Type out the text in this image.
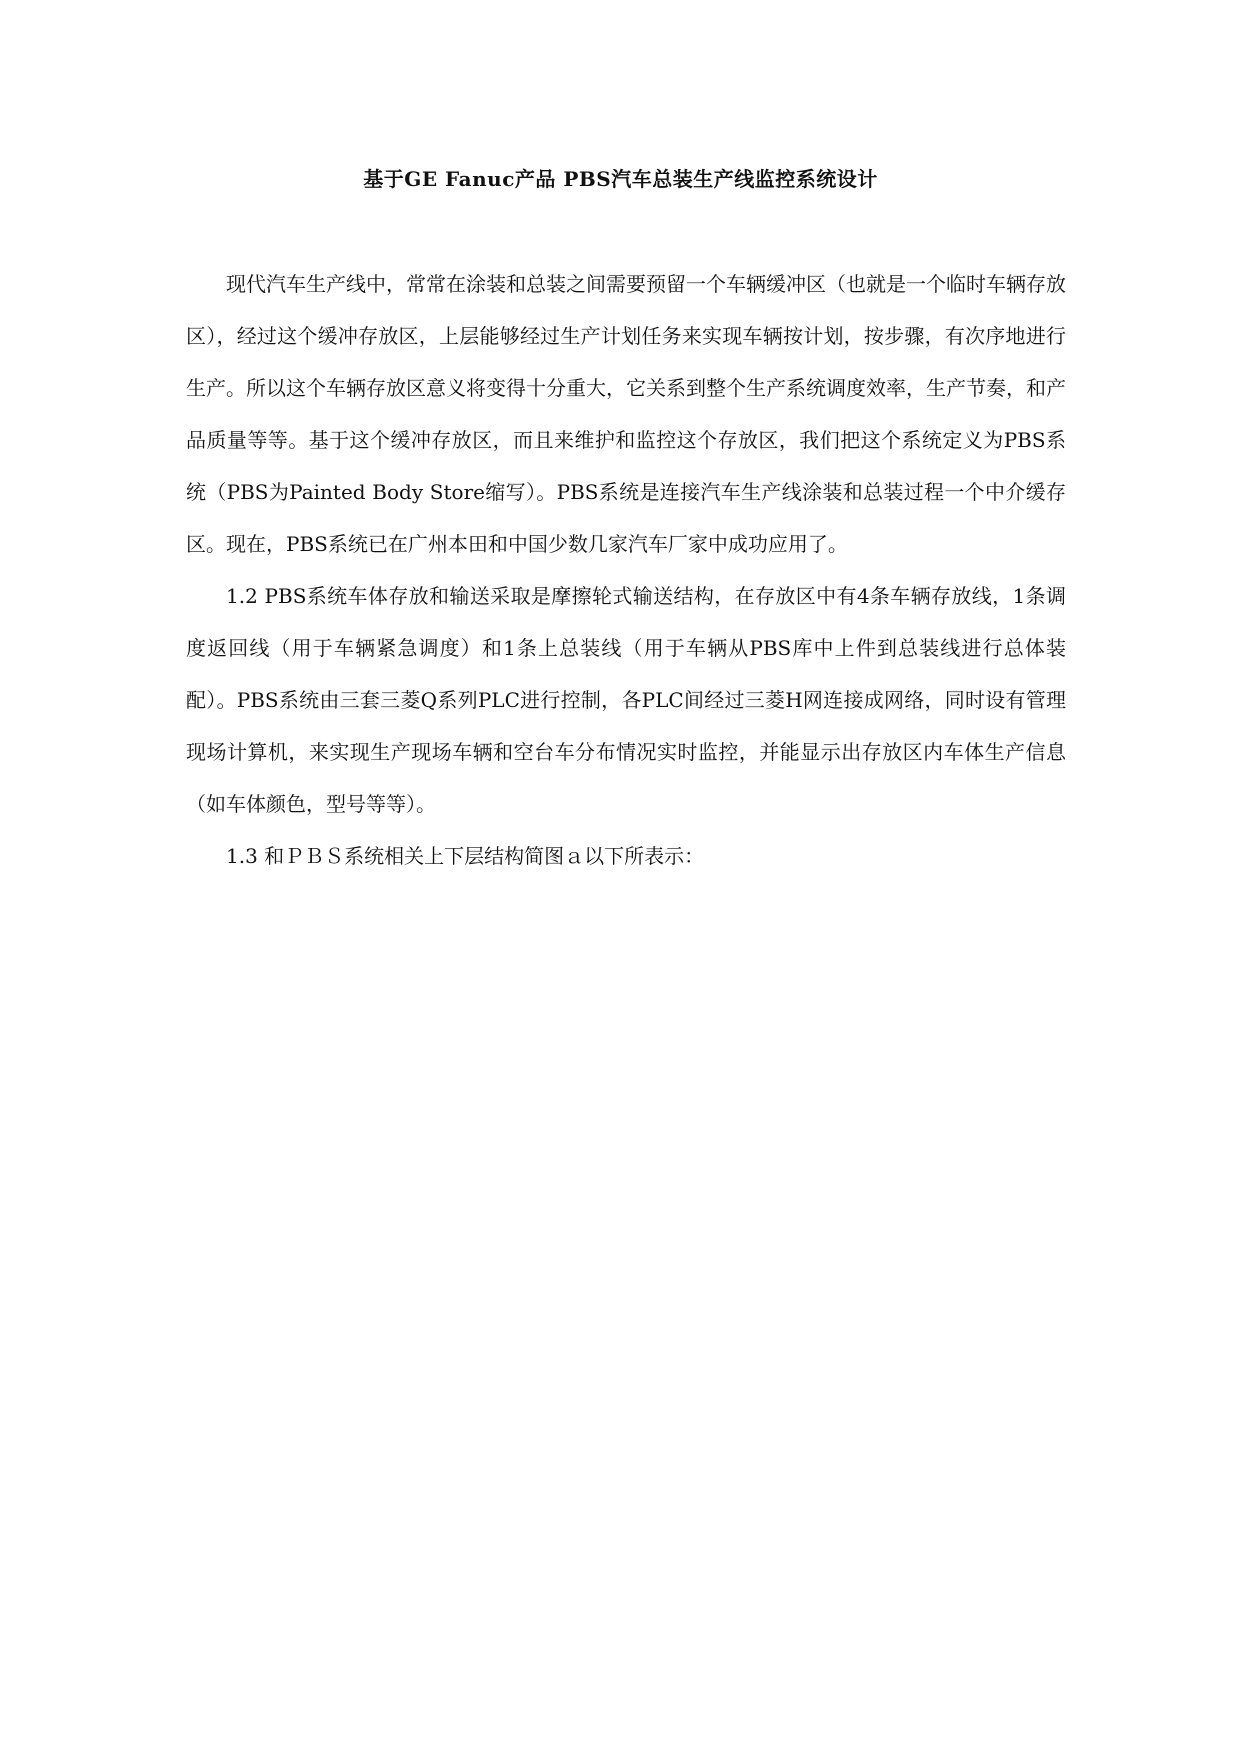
基于GE Fanuc产品 PBS汽车总装生产线监控系统设计

现代汽车生产线中，常常在涂装和总装之间需要预留一个车辆缓冲区（也就是一个临时车辆存放区），经过这个缓冲存放区，上层能够经过生产计划任务来实现车辆按计划，按步骤，有次序地进行生产。所以这个车辆存放区意义将变得十分重大，它关系到整个生产系统调度效率，生产节奏，和产品质量等等。基于这个缓冲存放区，而且来维护和监控这个存放区，我们把这个系统定义为PBS系统（PBS为Painted Body Store缩写）。PBS系统是连接汽车生产线涂装和总装过程一个中介缓存区。现在，PBS系统已在广州本田和中国少数几家汽车厂家中成功应用了。

1.2 PBS系统车体存放和输送采取是摩擦轮式输送结构，在存放区中有4条车辆存放线，1条调度返回线（用于车辆紧急调度）和1条上总装线（用于车辆从PBS库中上件到总装线进行总体装配）。PBS系统由三套三菱Q系列PLC进行控制，各PLC间经过三菱H网连接成网络，同时设有管理现场计算机，来实现生产现场车辆和空台车分布情况实时监控，并能显示出存放区内车体生产信息（如车体颜色，型号等等）。

1.3 和ＰＢＳ系统相关上下层结构简图ａ以下所表示：
